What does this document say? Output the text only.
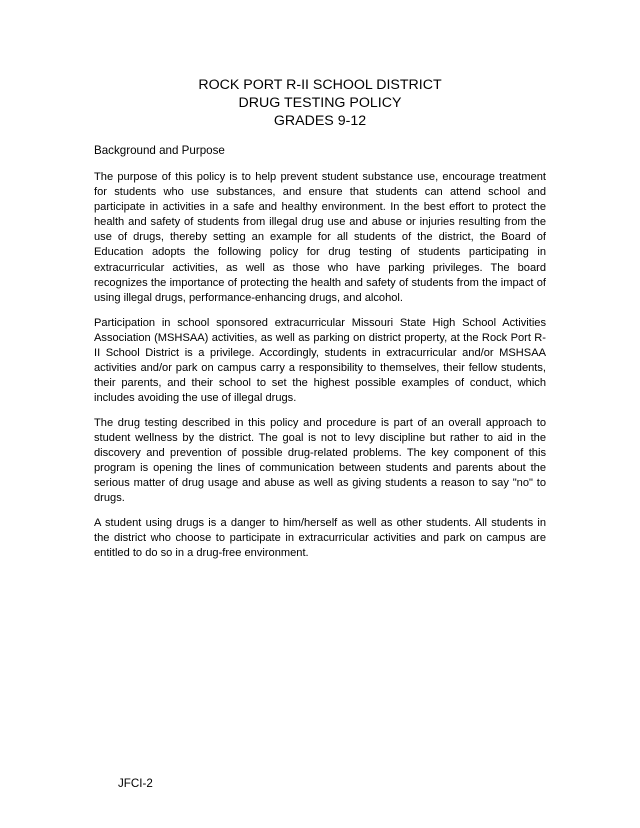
ROCK PORT R-II SCHOOL DISTRICT
DRUG TESTING POLICY
GRADES 9-12
Background and Purpose

The purpose of this policy is to help prevent student substance use, encourage treatment for students who use substances, and ensure that students can attend school and participate in activities in a safe and healthy environment. In the best effort to protect the health and safety of students from illegal drug use and abuse or injuries resulting from the use of drugs, thereby setting an example for all students of the district, the Board of Education adopts the following policy for drug testing of students participating in extracurricular activities, as well as those who have parking privileges. The board recognizes the importance of protecting the health and safety of students from the impact of using illegal drugs, performance-enhancing drugs, and alcohol.

Participation in school sponsored extracurricular Missouri State High School Activities Association (MSHSAA) activities, as well as parking on district property, at the Rock Port R-II School District is a privilege. Accordingly, students in extracurricular and/or MSHSAA activities and/or park on campus carry a responsibility to themselves, their fellow students, their parents, and their school to set the highest possible examples of conduct, which includes avoiding the use of illegal drugs.

The drug testing described in this policy and procedure is part of an overall approach to student wellness by the district. The goal is not to levy discipline but rather to aid in the discovery and prevention of possible drug-related problems. The key component of this program is opening the lines of communication between students and parents about the serious matter of drug usage and abuse as well as giving students a reason to say "no" to drugs.

A student using drugs is a danger to him/herself as well as other students. All students in the district who choose to participate in extracurricular activities and park on campus are entitled to do so in a drug-free environment.

JFCI-2
